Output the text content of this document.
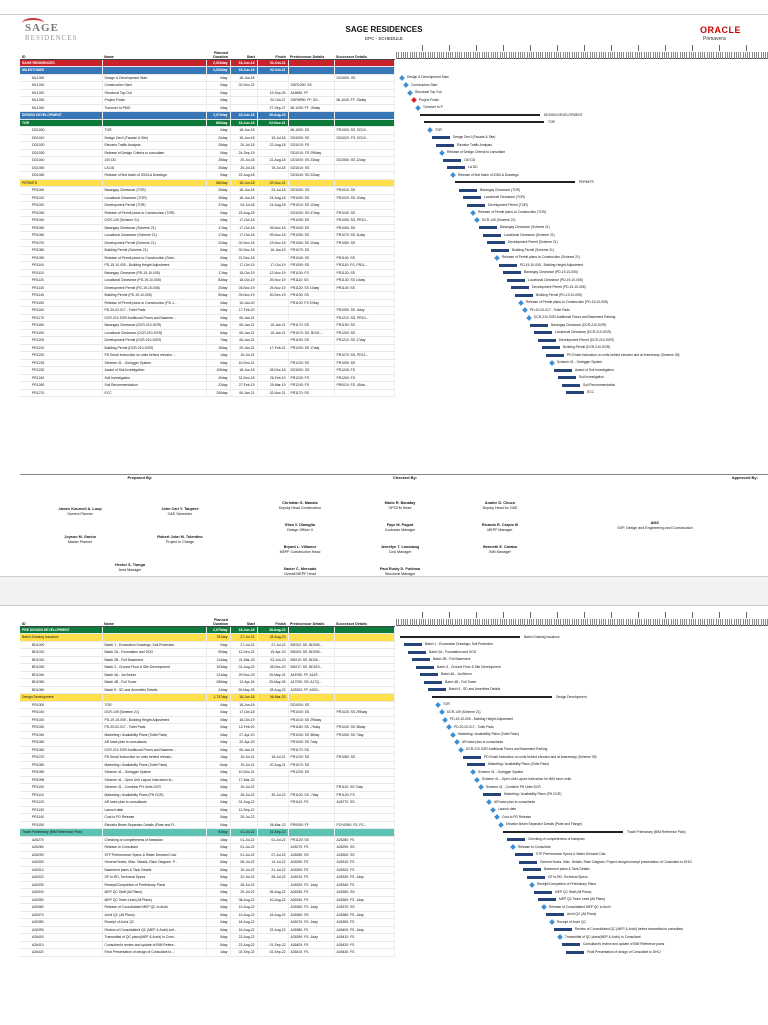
SAGE
RESIDENCES
SAGE RESIDENCES
EPC - SCHEDULE
ORACLE
Primavera
ID	Name	Planned Duration	Start	Finish	Predecessor Details	Successor Details
SAGE RESIDENCES		2,023day	18-Jun-18	02-Oct-21		
MILESTONES		2,023day	18-Jun-18	02-Oct-21		
ML1000	Design & Development Start	0day	18-Jun-18			DD1000: SS
ML1010	Construction Start	0day	02-Nov-22		SGR1000: SS	
ML1020	Structural Top Out	0day		19-Sep-26	A16850: FF	
ML1030	Project Finish	0day		02-Oct-27	SGR6990: FF, SG...	ML1040: FF -30day
ML1040	Turnover to PMO	0day		27-Sep-27	ML1030: FF -30day	
DESIGN DEVELOPMENT		2,079day	18-Jun-18	28-Aug-23		
TOR		863day	18-Jun-18	02-Nov-21		
DD1000	TOR	0day	18-Jun-18		ML1000: SS	PR1000: SS, DD10...
DD1010	Design Dev't (Facade & Site)	24day	18-Jun-18	19-Jul-18	DD1000: SS	DD1020: FS, DD10...
DD1020	Elevator Traffic Analysis	25day	20-Jul-18	22-Aug-18	DD1010: FS	
DD1030	Release of Design Criteria to consultant	0day	24-Sep-19		DD1010: FS 295day	
DD1040	100 DD	25day	20-Jul-18	22-Aug-18	DD1000: SS 23day	DD1060: SS 12day
DD1050	LA DD	25day	20-Jul-18	19-Jul-18	DD1010: SS	
DD1060	Release of first batch of IDD/LA Drawings	0day	22-Aug-18		DD1040: SS 22day	
PERMITS		862day	18-Jun-18	02-Nov-21		
PR1000	Barangay Clearance (TOR)	26day	18-Jun-18	23-Jul-18	DD1000: SS	PR1010: SS
PR1010	Locational Clearance (TOR)	49day	18-Jun-18	24-Aug-18	PR1000: SS	PR1020: SS 12day
PR1020	Development Permit (TOR)	37day	04-Jul-18	24-Aug-18	PR1010: SS 12day	
PR1030	Release of Permit plans to Construction (TOR)	0day	23-Aug-18		DD1000: SS 47day	PR1040: SS
PR1040	DCR-149 (Scheme 21)	0day	17-Oct-18		PR1030: SS	PR1050: SS, PR10...
PR1050	Barangay Clearance (Scheme 21)	17day	17-Oct-18	09-Nov-18	PR1040: SS	PR1060: SS
PR1060	Locational Clearance (Scheme 21)	17day	17-Oct-18	09-Nov-18	PR1050: SS	PR1070: SS 11day
PR1070	Development Permit (Scheme 21)	22day	02-Nov-18	23-Nov-18	PR1060: SS 12day	PR1080: SS
PR1080	Building Permit (Scheme 21)	5day	02-Nov-18	16-Jan-19	PR1070: SS	
PR1090	Release of Permit plans to Construction (Sche...	0day	21-Dec-18		PR1040: SS	PR1100: SS
PR1100	PD-19-10-005 - Building Height Adjustment	1day	17-Oct-19	17-Oct-19	PR1090: SS	PR1110: FS, PR11...
PR1110	Barangay Clearance (PD-19-10-005)	17day	18-Oct-19	12-Nov-19	PR1100: FS	PR1120: SS
PR1120	Locational Clearance (PD-19-10-005)	83day	18-Oct-19	29-Nov-19	PR1110: SS	PR1130: SS 10day
PR1130	Development Permit (PD-19-10-005)	20day	03-Nov-19	29-Nov-19	PR1120: SS 10day	PR1140: SS
PR1140	Building Permit (PD-19-10-005)	50day	03-Nov-19	20-Dec-19	PR1130: SS	
PR1150	Release of Permit plans to Construction (PD-1...	0day	15-Jan-20		PR1100: FS 57day	
PR1160	PD-20-02-017 - Toilet Pads	0day	17-Feb-20			PR1050: SS -6day
PR1170	DCR-210 SGR Additional Floors and Baseme...	0day	06-Jan-21			PR1210: SS, PR10...
PR1180	Barangay Clearance (DCR-210-SGR)	6day	06-Jan-21	15-Jan-21	PR1170: SS	PR1190: SS
PR1190	Locational Clearance (DCR-210-SGR)	6day	06-Jan-21	15-Jan-21	PR1070: SS, BO01...	PR1200: SS
PR1200	Development Permit (DCR-210-SGR)	7day	06-Jan-21		PR1190: SS	PR1210: SS 17day
PR1210	Building Permit (DCR-210-SGR)	15day	29-Jan-21	17-Feb-21	PR1200: SS 17day	
PR1220	PD Email Instruction on units behind elevator ...	1day	15-Jul-21			PR1070: SS, PR12...
PR1225	Scheme 41 - Outrigger System	0day	10-Dec-21		PR1220: SS	PR1090: SS
PR1230	Award of Soil Investigation	105day	18-Jun-18	28-Dec-18	DD1000: SS	PR1240: FS
PR1240	Soil Investigation	40day	31-Dec-18	26-Feb-19	PR1230: FS	PR1260: FS
PR1260	Soil Recommendation	22day	27-Feb-19	29-Mar-19	PR1240: FS	PR0010: FS -45da...
PR1270	ECC	206day	06-Jan-21	02-Nov-21	PR1170: SS	
Design & Development Start
Construction Start
Structural Top Out
Project Finish
Turnover to P
DESIGN DEVELOPMENT
TOR
TOR
Design Dev't (Facade & Site)
Elevator Traffic Analysis
Release of Design Criteria to consultant
100 DD
LA DD
Release of first batch of IDD/LA Drawings
PERMITS
Barangay Clearance (TOR)
Locational Clearance (TOR)
Development Permit (TOR)
Release of Permit plans to Construction (TOR)
DCR-149 (Scheme 21)
Barangay Clearance (Scheme 21)
Locational Clearance (Scheme 21)
Development Permit (Scheme 21)
Building Permit (Scheme 21)
Release of Permit plans to Construction (Scheme 21)
PD-19-10-005 - Building Height Adjustment
Barangay Clearance (PD-19-10-005)
Locational Clearance (PD-19-10-005)
Development Permit (PD-19-10-005)
Building Permit (PD-19-10-005)
Release of Permit plans to Construction (PD-19-10-005)
PD-20-02-017 - Toilet Pads
DCR-210 SGR Additional Floors and Basement Parking
Barangay Clearance (DCR-210-SGR)
Locational Clearance (DCR-210-SGR)
Development Permit (DCR-210-SGR)
Building Permit (DCR-210-SGR)
PD Email Instruction on units behind elevator and at breezeway (Scheme 39)
Scheme 41 - Outrigger System
Award of Soil Investigation
Soil Investigation
Soil Recommendation
ECC
Prepared By:	Checked By:	Approved By:
James Kourneil A. Loop
Owners Planner
John Carl Y. Taupere
O&E Scheduler
Joyson M. Garcia
Master Planner
Robert John M. Tolentino
Project In Charge
Hector S. Tianga
Area Manager
Christian G. Manalo
Deputy Head Construction
Mario R. Banatay
OPCEM Head
Analee D. Chuco
Deputy Head for O&E
Eliza V. Dimaglia
Design Officer II
Faye M. Pagud
Contracts Manager
Ricardo R. Carpio III
MEPF Manager
Bryant L. Villamor
MEPF Construction Head
Jennifyn T. Lansdang
Cost Manager
Benneth E. Caraba
BIM Manager
Xavier C. Mercado
Overall MEPF Head
Paul Rusty D. Pobinsa
Structural Manager
AMC
SVP, Design and Engineering and Construction
ID	Name	Planned Duration	Start	Finish	Predecessor Details	Successor Details
PRE DESIGN DEVELOPMENT		2,079day	18-Jun-18	28-Aug-23		
Batch Drawing Issuance		781day	27-Jul-22	28-Aug-23		
BD1000	Batch 1 - Excavation Drawings, Soil Protection	0day	27-Jul-22	27-Jul-22	BD002: SE, BD005...	
BD1010	Batch 2A - Foundation and SOG	90day	12-Dec-22	19-Apr-23	BD003: SS, BD005...	
BD1020	Batch 2B - Full Basement	114day	21-Mar-23	03-Jun-23	BD010: SS, BD05...	
BD1030	Batch 3 - Ground Floor & Site Development	103day	01-Aug-23	28-Dec-23	BD017: SS, BD019...	
BD1040	Batch 4A - 1st Atrium	124day	29-Nov-23	25-May-24	A16760: FF, A16F...	
BD1050	Batch 4B - Full Tower	285day	12-Apr-24	25-May-25	A17020: SS, A17Q...	
BD1060	Batch 5 - SD and Amenities Details	24day	26-May-25	28-Aug-23	A25320: FF, A253...	
Design Development		1,737day	18-Jun-18	06-Mar-23		
PR1000	TOR	0day	18-Jun-18		DD1000: SS	
PR1010	DCR-149 (Scheme 21)	0day	17-Oct-18		PR1040: SS	PR1020: SS 295day
PR1020	PD-19-10-005 - Building Height Adjustment	0day	16-Oct-19		PR1010: SS 295day	
PR1030	PD-20-02-017 - Toilet Pads	0day	12-Feb-20		PR1160: SS -76day	PR1040: SS 38day
PR1040	Marketing / Availability Plans (Toilet Pads)	0day	07-Apr-20		PR1030: SS 38day	PR1050: SS 7day
PR1050	AR base plan to consultants	0day	20-Apr-20		PR1040: SS 7day	
PR1060	DCR-210 SGR Additional Floors and Baseme...	0day	06-Jan-21		PR1170: SS	
PR1070	PD Email Instruction on units behind elevato...	1day	15-Jul-21	15-Jul-21	PR1220: SS	PR1080: SS
PR1080	Marketing / Availability Plans (Toilet Pads)	2wdy	19-Jul-21	20-Aug-21	PR1070: SS	
PR1090	Scheme 41 - Outrigger System	0day	10-Dec-21		PR1225: SS	
PR1095	Scheme 41 - Open Unit Layout Instruction fo...	0day	17-Mar-22			
PR1100	Scheme 41 - Combine PH Units DCR	0day	19-Jul-22			PR1110: SS 7day
PR1110	Marketing / Availability Plans (PH DCR)	1day	28-Jul-22	30-Jul-22	PR1100: SS -7day	PR1120: FS
PR1120	AR base plan to consultants	0day	01-Aug-22		PR1110: FS	A26770: SS
PR1130	Launch date	0day	12-Sep-22			
PR1140	Cost to PD Release	0day	29-Jul-22			
PR1150	Elevator Beam Separator Details (Plate and Fl...	0day		06-Mar-23	PR0050: FF	PCH1990: FS, PC...
Trade Preliminary (BIM Reference Plan)		93day	01-Jul-22	16-Sep-22		
A26270	Checking of completeness of baseplan	1day	01-Jul-22	01-Jul-22	PR1120: SS	A26280: FS
A26280	Release to Consultant	0day	01-Jul-22		A26270: FS	A26290: SS
A26290	STP Performance Specs & Water Demand Calc	5day	01-Jul-22	07-Jul-22	A26280: SS	A26300: SS
A26300	General Notes, Misc. Details, Riser Diagram, P...	5day	08-Jul-22	14-Jul-22	A26290: FS	A26310: FS
A26310	Basement plans & Tank Details	5day	15-Jul-22	21-Jul-22	A26300: FS	A26320: FS
A26320	GF to RD, Technical Specs	5day	22-Jul-22	28-Jul-22	A26310: FS	A26330: FS -1day
A26330	Receipt/Completion of Preliminary Plans	0day	28-Jul-22		A26320: FS -1day	A26340: FS
A26340	MEP QC Staff (All Plans)	0day	29-Jul-22	05-Aug-22	A26330: FS	A26350: SS
A26350	MEP QC Team Lead (All Plans)	0day	08-Aug-22	10-Aug-22	A26340: FS	A26360: FS -1day
A26360	Release of Consolidated MEP QC to Archi	0day	10-Aug-22		A26350: FS -1day	A26370: SS
A26370	Archi QC (All Plans)	5day	10-Aug-22	16-Aug-22	A26360: SS	A26380: FS -1day
A26380	Receipt of Archi QC	0day	16-Aug-22		A26370: FS -1day	A26390: FS
A26390	Review of Consolidated QC (MEP & Archi) bef...	5day	16-Aug-22	22-Aug-22	A26380: FS	A26400: FS -1day
A26400	Transmittal of QC plans(MEP & Archi) to Cons...	0day	22-Aug-22		A26390: FS -1day	A26410: FS
A26410	Consultant's review and update of BIM Refere...	5day	22-Aug-22	01-Sep-22	A26400: FS	A26420: FS
A26420	Final Presentation of design of Consultant to ...	1day	02-Sep-22	02-Sep-22	A26410: FS	A26430: FS
Batch Drawing Issuance
Batch 1 - Excavation Drawings, Soil Protection
Batch 2A - Foundation and SOG
Batch 2B - Full Basement
Batch 3 - Ground Floor & Site Development
Batch 4A - 1st Atrium
Batch 4B - Full Tower
Batch 5 - SD and Amenities Details
Design Development
TOR
DCR-149 (Scheme 21)
PD-19-10-005 - Building Height Adjustment
PD-20-02-017 - Toilet Pads
Marketing / Availability Plans (Toilet Pads)
AR base plan to consultants
DCR-210 SGR Additional Floors and Basement Parking
PD Email Instruction on units behind elevator and at breezeway (Scheme 39)
Marketing / Availability Plans (Toilet Pads)
Scheme 41 - Outrigger System
Scheme 41 - Open Unit Layout Instruction for BIM inner units
Scheme 41 - Combine PH Units DCR
Marketing / Availability Plans (PH DCR)
AR base plan to consultants
Launch date
Cost to PD Release
Elevator Beam Separator Details (Plate and Flange)
Trade Preliminary (BIM Reference Plan)
Checking of completeness of baseplan
Release to Consultant
STP Performance Specs & Water Demand Calc
General Notes, Misc. Details, Riser Diagram, Project design/concept presentation of Consultant to DHCI
Basement plans & Tank Details
GF to RD, Technical Specs
Receipt/Completion of Preliminary Plans
MEP QC Staff (All Plans)
MEP QC Team Lead (All Plans)
Release of Consolidated MEP QC to Archi
Archi QC (All Plans)
Receipt of Archi QC
Review of Consolidated QC (MEP & Archi) before transmittal to consultant
Transmittal of QC plans(MEP & Archi) to Consultant
Consultant's review and update of BIM Reference plans
Final Presentation of design of Consultant to DHCI
